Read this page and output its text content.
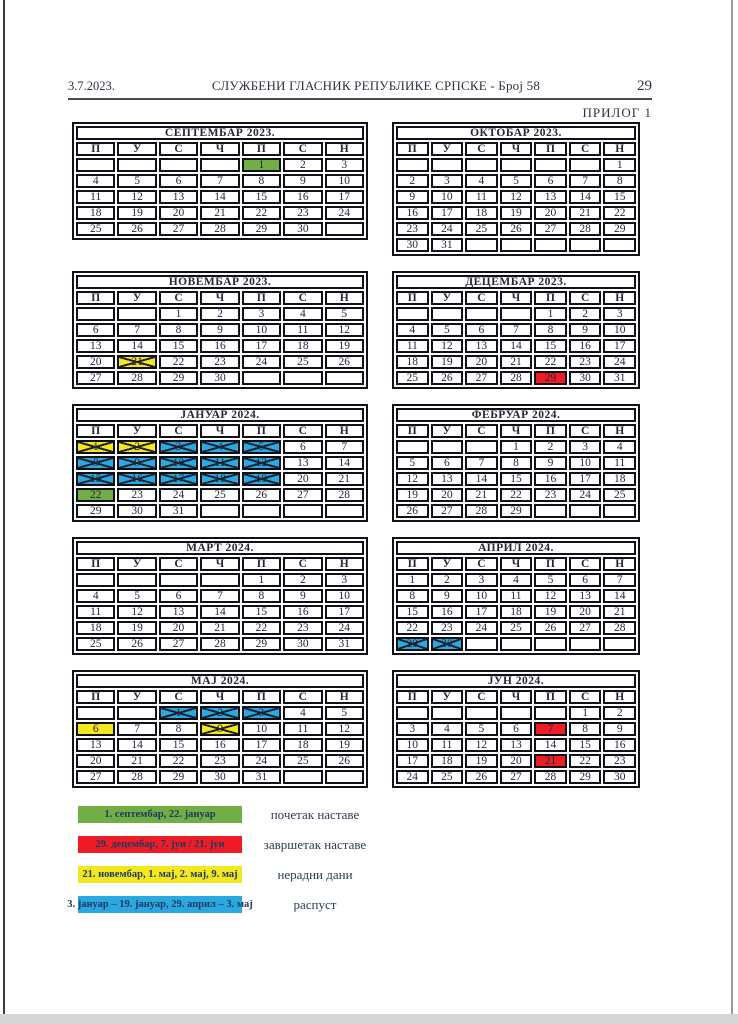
3.7.2023.	СЛУЖБЕНИ ГЛАСНИК РЕПУБЛИКЕ СРПСКЕ - Број 58	29
ПРИЛОГ 1
СЕПТЕМБАР 2023.						
П	У	С	Ч	П	С	Н
				1	2	3
4	5	6	7	8	9	10
11	12	13	14	15	16	17
18	19	20	21	22	23	24
25	26	27	28	29	30	
ОКТОБАР 2023.						
П	У	С	Ч	П	С	Н
						1
2	3	4	5	6	7	8
9	10	11	12	13	14	15
16	17	18	19	20	21	22
23	24	25	26	27	28	29
30	31					
НОВЕМБАР 2023.						
П	У	С	Ч	П	С	Н
		1	2	3	4	5
6	7	8	9	10	11	12
13	14	15	16	17	18	19
20	21	22	23	24	25	26
27	28	29	30			
ДЕЦЕМБАР 2023.						
П	У	С	Ч	П	С	Н
				1	2	3
4	5	6	7	8	9	10
11	12	13	14	15	16	17
18	19	20	21	22	23	24
25	26	27	28	29	30	31
ЈАНУАР 2024.						
П	У	С	Ч	П	С	Н
1	2	3	4	5	6	7
8	9	10	11	12	13	14
15	16	17	18	19	20	21
22	23	24	25	26	27	28
29	30	31				
ФЕБРУАР 2024.						
П	У	С	Ч	П	С	Н
			1	2	3	4
5	6	7	8	9	10	11
12	13	14	15	16	17	18
19	20	21	22	23	24	25
26	27	28	29			
МАРТ 2024.						
П	У	С	Ч	П	С	Н
				1	2	3
4	5	6	7	8	9	10
11	12	13	14	15	16	17
18	19	20	21	22	23	24
25	26	27	28	29	30	31
АПРИЛ 2024.						
П	У	С	Ч	П	С	Н
1	2	3	4	5	6	7
8	9	10	11	12	13	14
15	16	17	18	19	20	21
22	23	24	25	26	27	28
29	30					
МАЈ 2024.						
П	У	С	Ч	П	С	Н
		1	2	3	4	5
6	7	8	9	10	11	12
13	14	15	16	17	18	19
20	21	22	23	24	25	26
27	28	29	30	31		
ЈУН 2024.						
П	У	С	Ч	П	С	Н
					1	2
3	4	5	6	7	8	9
10	11	12	13	14	15	16
17	18	19	20	21	22	23
24	25	26	27	28	29	30
1. септембар, 22. јануар	почетак наставе
29. децембар, 7. јун / 21. јун	завршетак наставе
21. новембар, 1. мај, 2. мај, 9. мај	нерадни дани
3. јануар – 19. јануар, 29. април – 3. мај	распуст
